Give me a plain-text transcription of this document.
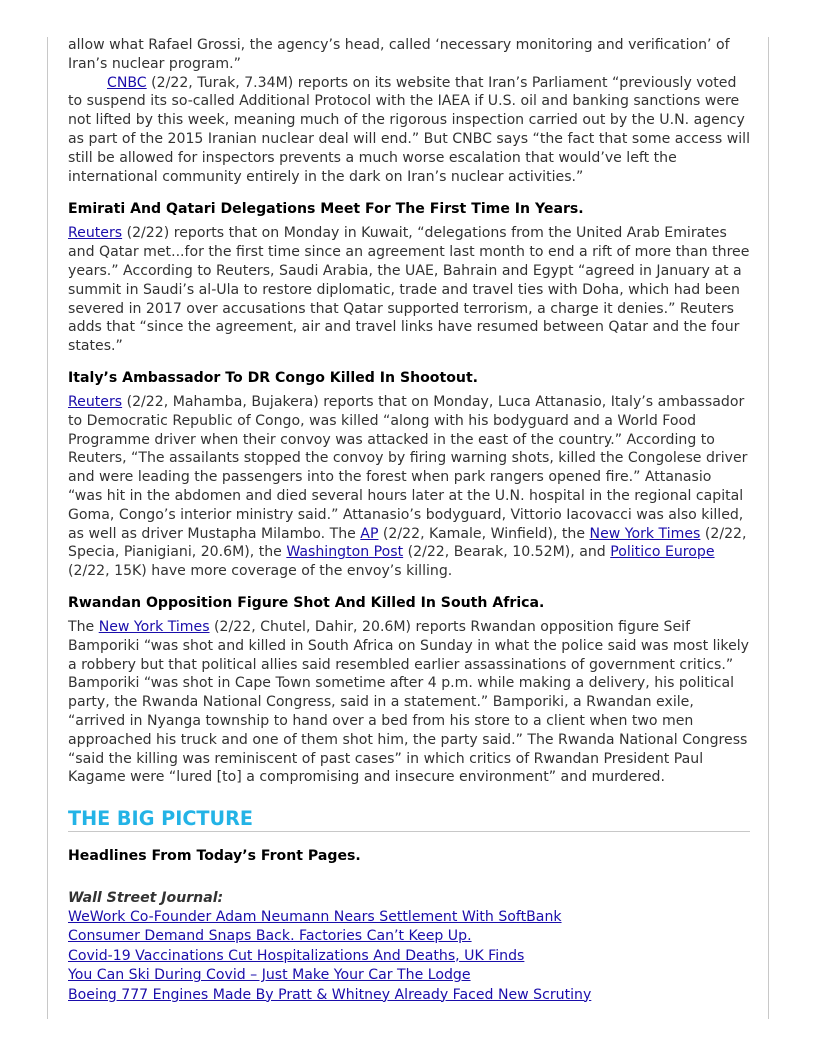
allow what Rafael Grossi, the agency’s head, called ‘necessary monitoring and verification’ of Iran’s nuclear program.”

CNBC (2/22, Turak, 7.34M) reports on its website that Iran’s Parliament “previously voted to suspend its so-called Additional Protocol with the IAEA if U.S. oil and banking sanctions were not lifted by this week, meaning much of the rigorous inspection carried out by the U.N. agency as part of the 2015 Iranian nuclear deal will end.” But CNBC says “the fact that some access will still be allowed for inspectors prevents a much worse escalation that would’ve left the international community entirely in the dark on Iran’s nuclear activities.”

Emirati And Qatari Delegations Meet For The First Time In Years.

Reuters (2/22) reports that on Monday in Kuwait, “delegations from the United Arab Emirates and Qatar met...for the first time since an agreement last month to end a rift of more than three years.” According to Reuters, Saudi Arabia, the UAE, Bahrain and Egypt “agreed in January at a summit in Saudi’s al-Ula to restore diplomatic, trade and travel ties with Doha, which had been severed in 2017 over accusations that Qatar supported terrorism, a charge it denies.” Reuters adds that “since the agreement, air and travel links have resumed between Qatar and the four states.”

Italy’s Ambassador To DR Congo Killed In Shootout.

Reuters (2/22, Mahamba, Bujakera) reports that on Monday, Luca Attanasio, Italy’s ambassador to Democratic Republic of Congo, was killed “along with his bodyguard and a World Food Programme driver when their convoy was attacked in the east of the country.” According to Reuters, “The assailants stopped the convoy by firing warning shots, killed the Congolese driver and were leading the passengers into the forest when park rangers opened fire.” Attanasio “was hit in the abdomen and died several hours later at the U.N. hospital in the regional capital Goma, Congo’s interior ministry said.” Attanasio’s bodyguard, Vittorio Iacovacci was also killed, as well as driver Mustapha Milambo. The AP (2/22, Kamale, Winfield), the New York Times (2/22, Specia, Pianigiani, 20.6M), the Washington Post (2/22, Bearak, 10.52M), and Politico Europe (2/22, 15K) have more coverage of the envoy’s killing.

Rwandan Opposition Figure Shot And Killed In South Africa.

The New York Times (2/22, Chutel, Dahir, 20.6M) reports Rwandan opposition figure Seif Bamporiki “was shot and killed in South Africa on Sunday in what the police said was most likely a robbery but that political allies said resembled earlier assassinations of government critics.” Bamporiki “was shot in Cape Town sometime after 4 p.m. while making a delivery, his political party, the Rwanda National Congress, said in a statement.” Bamporiki, a Rwandan exile, “arrived in Nyanga township to hand over a bed from his store to a client when two men approached his truck and one of them shot him, the party said.” The Rwanda National Congress “said the killing was reminiscent of past cases” in which critics of Rwandan President Paul Kagame were “lured [to] a compromising and insecure environment” and murdered.

THE BIG PICTURE
Headlines From Today’s Front Pages.

Wall Street Journal:

WeWork Co-Founder Adam Neumann Nears Settlement With SoftBank
Consumer Demand Snaps Back. Factories Can’t Keep Up.
Covid-19 Vaccinations Cut Hospitalizations And Deaths, UK Finds
You Can Ski During Covid – Just Make Your Car The Lodge
Boeing 777 Engines Made By Pratt & Whitney Already Faced New Scrutiny
